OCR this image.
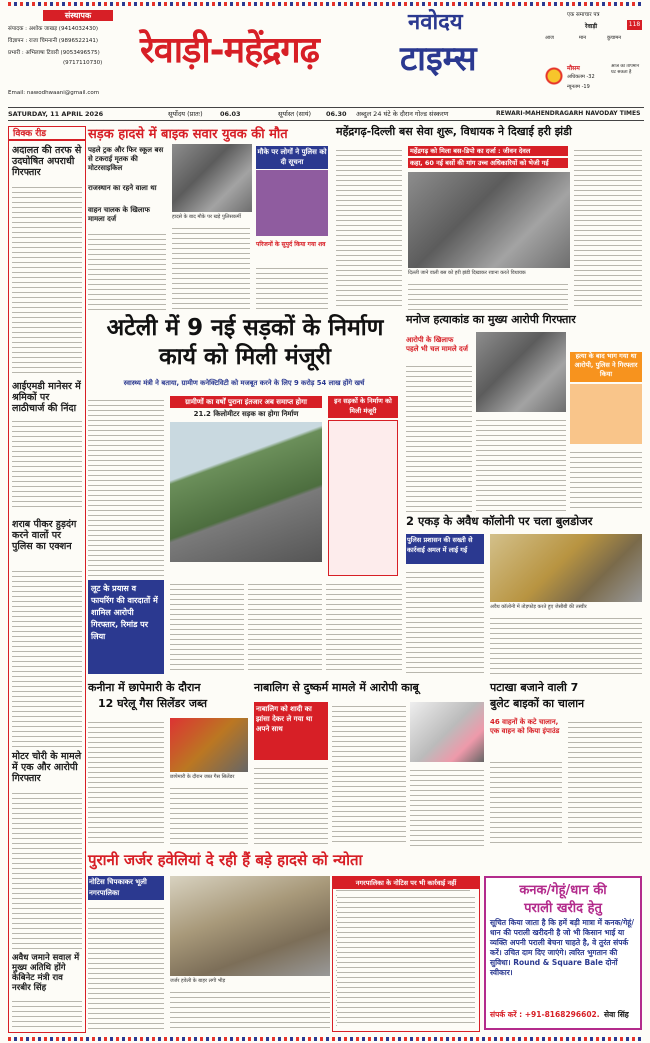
संस्थापक
संपादक : अशोक जाखड़ (9414032430)
विज्ञापन : राजा चिमनानी (9896522141)
प्रभारी : अभिलाषा टिवारी (9053496575)
(9717110730)
Email: nawodhwaani@gmail.com
रेवाड़ी-महेंद्रगढ़
नवोदय
टाइम्स
एक समाचार पत्र
रेवाड़ी	118
आज	मान	कुचामन
मौसम
अधिकतम -32
न्यूनतम -19
आज का तापमान घट सकता है
SATURDAY, 11 APRIL 2026	सूर्योदय (प्रातः)	06.03	सूर्यास्त (सायं) 06.30 अब्दुल 24 घंटे के दौरान गोल्ड संस्करण	REWARI-MAHENDRAGARH NAVODAY TIMES
विक्क रीड
अदालत की तरफ से उदघोषित अपराधी गिरफ्तार
आईएमडी मानेसर में श्रमिकों पर लाठीचार्ज की निंदा
शराब पीकर हुड़दंग करने वालों पर पुलिस का एक्शन
मोटर चोरी के मामले में एक और आरोपी गिरफ्तार
अवैध जमाने सवाल में मुख्य अतिथि होंगे केबिनेट मंत्री राव नरबीर सिंह
सड़क हादसे में बाइक सवार युवक की मौत
पहले ट्रक और फिर स्कूल बस से टकराई मृतक की मोटरसाइकिल
राजस्थान का रहने वाला था
वाहन चालक के खिलाफ मामला दर्ज	हादसे के बाद मौके पर खड़े पुलिसकर्मी
मौके पर लोगों ने पुलिस को दी सूचना
परिजनों के सुपुर्द किया गया शव
महेंद्रगढ़-दिल्ली बस सेवा शुरू, विधायक ने दिखाई हरी झंडी
महेंद्रगढ़ को मिला बस-डिपो का दर्जा : जीवन देवल
कहा, 60 नई बसों की मांग उच्च अधिकारियों को भेजी गई
दिल्ली जाने वाली बस को हरी झंडी दिखाकर रवाना करते विधायक
अटेली में 9 नई सड़कों के निर्माण कार्य को मिली मंजूरी
स्वास्थ्य मंत्री ने बताया, ग्रामीण कनेक्टिविटी को मजबूत करने के लिए 9 करोड़ 54 लाख होंगे खर्च
ग्रामीणों का वर्षों पुराना इंतजार अब समाप्त होगा
21.2 किलोमीटर सड़क का होगा निर्माण
इन सड़कों के निर्माण को मिली मंजूरी
मनोज हत्याकांड का मुख्य आरोपी गिरफ्तार
आरोपी के खिलाफ पहले भी चल मामले दर्ज
हत्या के बाद भाग गया था आरोपी, पुलिस ने गिरफ्तार किया
2 एकड़ के अवैध कॉलोनी पर चला बुलडोजर
पुलिस प्रशासन की सख्ती से कार्रवाई अमल में लाई गई
अवैध कॉलोनी में तोड़फोड़ करते हुए जेसीबी की तस्वीर
लूट के प्रयास व फायरिंग की वारदातों में शामिल आरोपी गिरफ्तार, रिमांड पर लिया
कनीना में छापेमारी के दौरान
12 घरेलू गैस सिलेंडर जब्त
छापेमारी के दौरान जब्त गैस सिलेंडर
नाबालिग से दुष्कर्म मामले में आरोपी काबू
नाबालिग को शादी का झांसा देकर ले गया था अपने साथ
पटाखा बजाने वाली 7
बुलेट बाइकों का चालान
46 वाहनों के कटे चालान, एक वाहन को किया इंपाउंड
पुरानी जर्जर हवेलियां दे रही हैं बड़े हादसे को न्योता
नोटिस चिपकाकर भूली नगरपालिका
जर्जर हवेली के बाहर लगी भीड़
नगरपालिका के नोटिस पर भी कार्रवाई नहीं	कनक/गेहूं/धान की
पराली खरीद हेतु
सूचित किया जाता है कि हमें बड़ी मात्रा में कनक/गेहूं/धान की पराली खरीदनी है जो भी किसान भाई या व्यक्ति अपनी पराली बेचना चाहते है, वे तुरंत संपर्क करें। उचित दाम दिए जाएंगे। त्वरित भुगतान की सुविधा। Round & Square Bale दोनों स्वीकार।
संपर्क करें : +91-8168296602. सेवा सिंह
